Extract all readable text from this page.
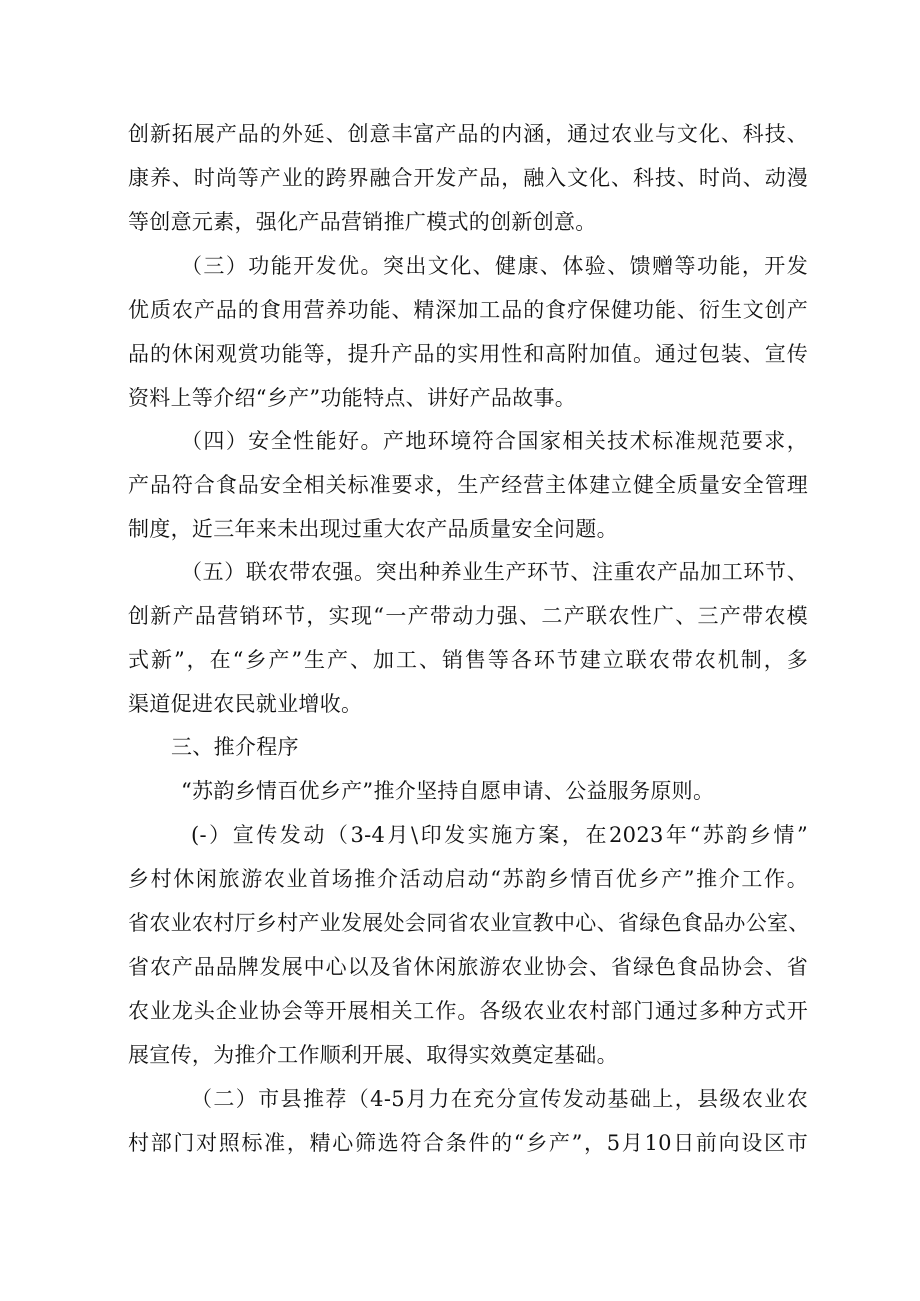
创新拓展产品的外延、创意丰富产品的内涵，通过农业与文化、科技、
康养、时尚等产业的跨界融合开发产品，融入文化、科技、时尚、动漫
等创意元素，强化产品营销推广模式的创新创意。
（三）功能开发优。突出文化、健康、体验、馈赠等功能，开发
优质农产品的食用营养功能、精深加工品的食疗保健功能、衍生文创产
品的休闲观赏功能等，提升产品的实用性和高附加值。通过包装、宣传
资料上等介绍“乡产”功能特点、讲好产品故事。
（四）安全性能好。产地环境符合国家相关技术标准规范要求，
产品符合食品安全相关标准要求，生产经营主体建立健全质量安全管理
制度，近三年来未出现过重大农产品质量安全问题。
（五）联农带农强。突出种养业生产环节、注重农产品加工环节、
创新产品营销环节，实现“一产带动力强、二产联农性广、三产带农模
式新”，在“乡产”生产、加工、销售等各环节建立联农带农机制，多
渠道促进农民就业增收。
三、推介程序
“苏韵乡情百优乡产”推介坚持自愿申请、公益服务原则。
(-）宣传发动（3-4月\印发实施方案，在2023年“苏韵乡情”
乡村休闲旅游农业首场推介活动启动“苏韵乡情百优乡产”推介工作。
省农业农村厅乡村产业发展处会同省农业宣教中心、省绿色食品办公室、
省农产品品牌发展中心以及省休闲旅游农业协会、省绿色食品协会、省
农业龙头企业协会等开展相关工作。各级农业农村部门通过多种方式开
展宣传，为推介工作顺利开展、取得实效奠定基础。
（二）市县推荐（4-5月力在充分宣传发动基础上，县级农业农
村部门对照标准，精心筛选符合条件的“乡产”，5月10日前向设区市
